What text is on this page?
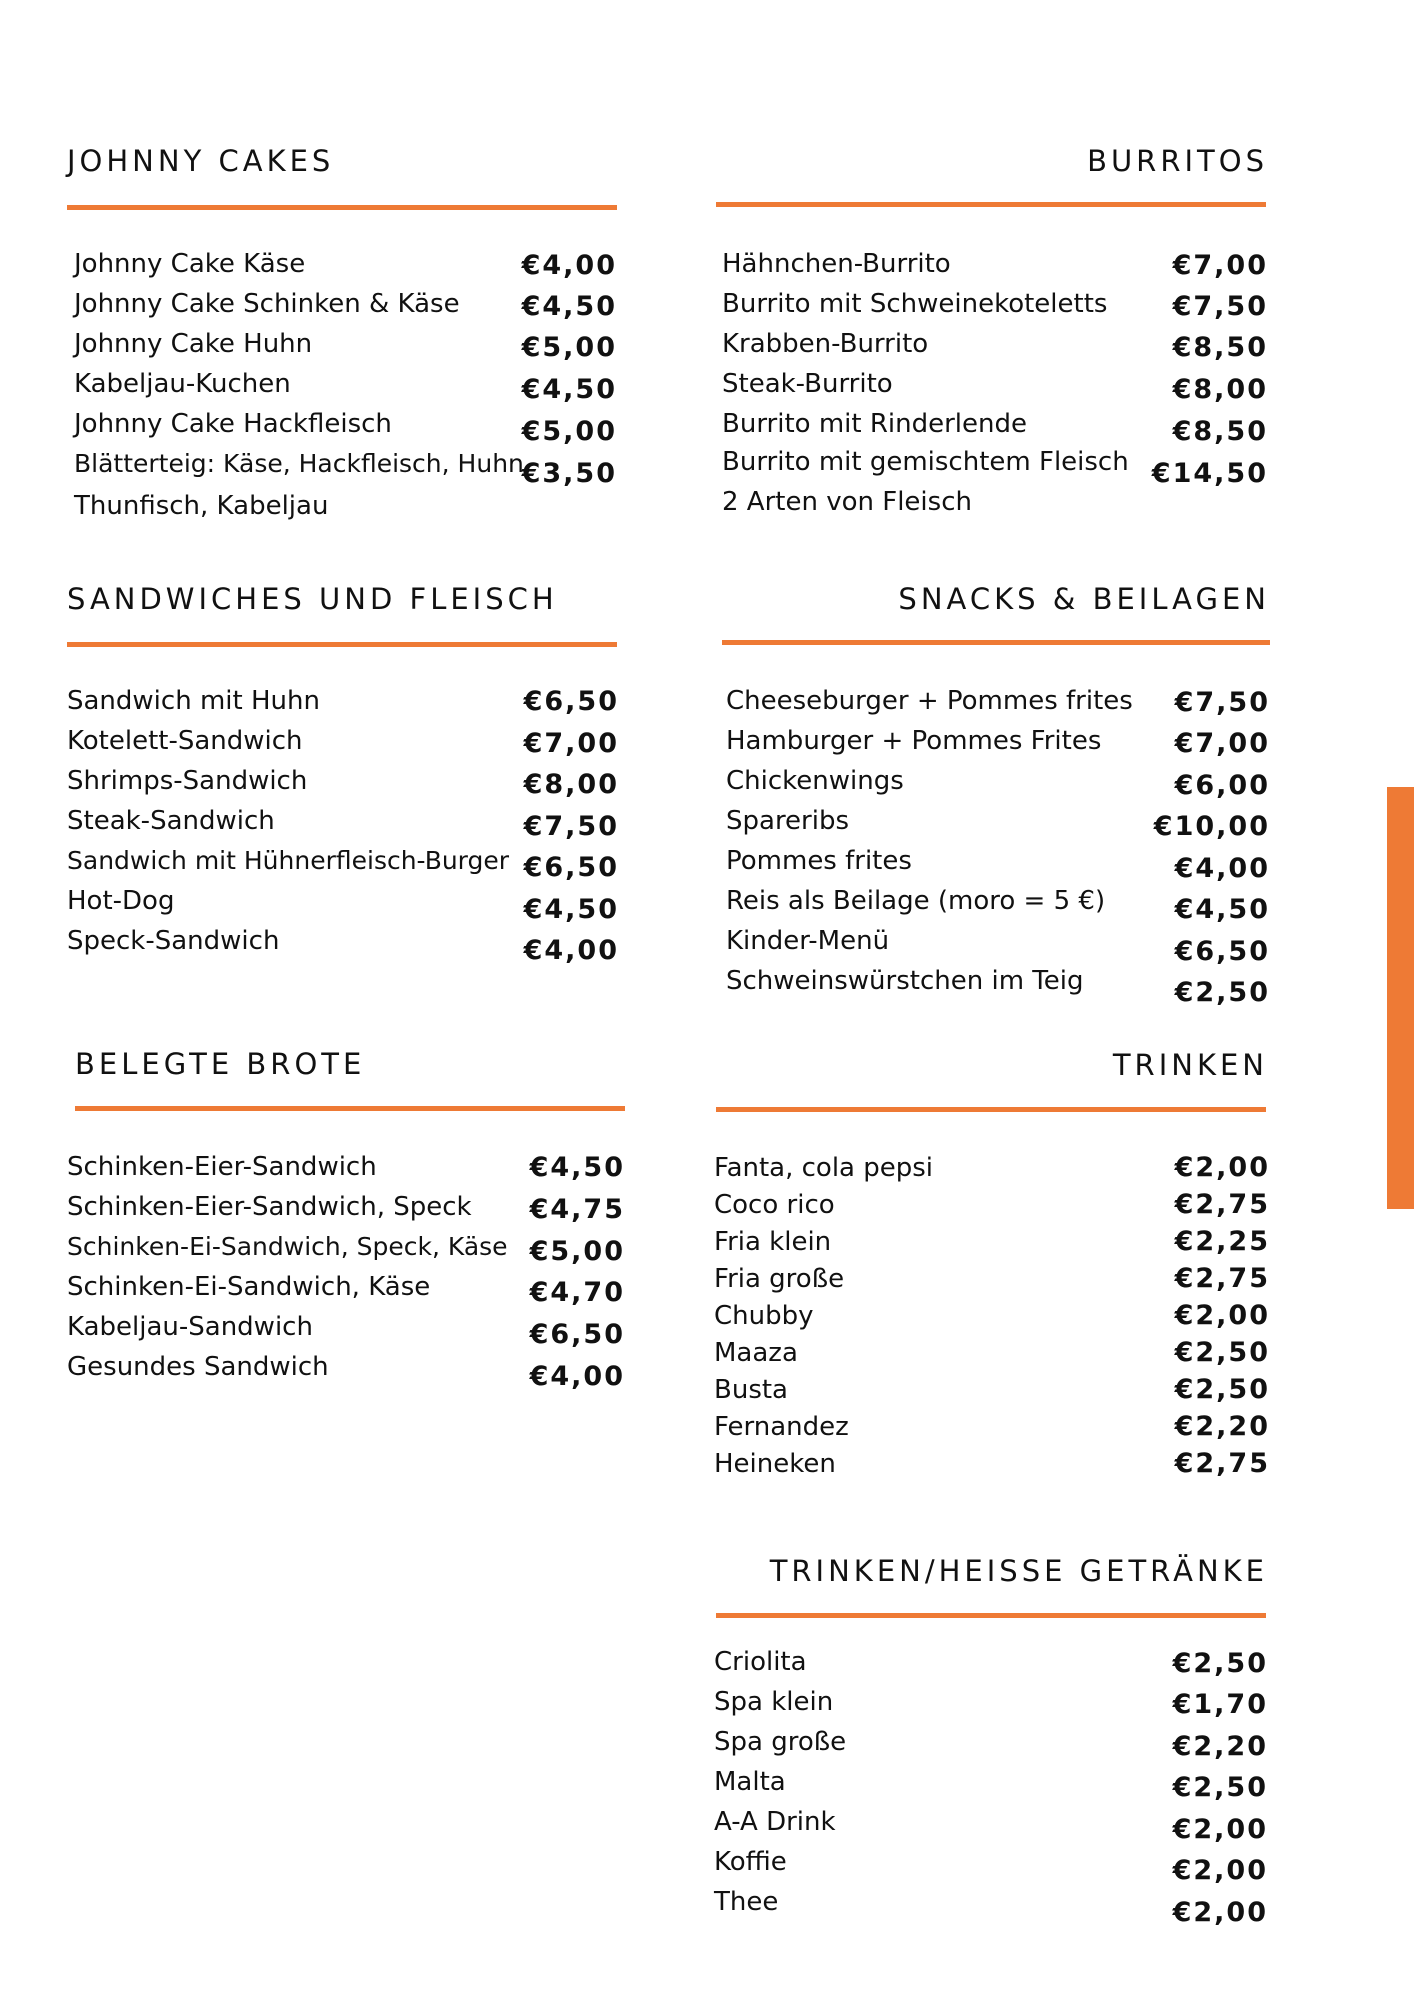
JOHNNY CAKES
Johnny Cake Käse	€4,00
Johnny Cake Schinken & Käse €4,50
Johnny Cake Huhn	€5,00
Kabeljau-Kuchen	€4,50
Johnny Cake Hackfleisch	€5,00
Blätterteig: Käse, Hackfleisch, Huhn,
Thunfisch, Kabeljau
€3,50
BURRITOS
Hähnchen-Burrito	€7,00
Burrito mit Schweinekoteletts €7,50
Krabben-Burrito	€8,50
Steak-Burrito	€8,00
Burrito mit Rinderlende	€8,50
Burrito mit gemischtem Fleisch
2 Arten von Fleisch
€14,50
SANDWICHES UND FLEISCH
Sandwich mit Huhn	€6,50
Kotelett-Sandwich	€7,00
Shrimps-Sandwich	€8,00
Steak-Sandwich	€7,50
Sandwich mit Hühnerfleisch-Burger €6,50
Hot-Dog	€4,50
Speck-Sandwich	€4,00
SNACKS & BEILAGEN
Cheeseburger + Pommes frites €7,50
Hamburger + Pommes Frites	€7,00
Chickenwings	€6,00
Spareribs	€10,00
Pommes frites	€4,00
Reis als Beilage (moro = 5 €)	€4,50
Kinder-Menü	€6,50
Schweinswürstchen im Teig	€2,50
BELEGTE BROTE
Schinken-Eier-Sandwich	€4,50
Schinken-Eier-Sandwich, Speck €4,75
Schinken-Ei-Sandwich, Speck, Käse €5,00
Schinken-Ei-Sandwich, Käse	€4,70
Kabeljau-Sandwich	€6,50
Gesundes Sandwich	€4,00
TRINKEN
Fanta, cola pepsi	€2,00
Coco rico	€2,75
Fria klein	€2,25
Fria große	€2,75
Chubby	€2,00
Maaza	€2,50
Busta	€2,50
Fernandez	€2,20
Heineken	€2,75
TRINKEN/HEISSE GETRÄNKE
Criolita	€2,50
Spa klein	€1,70
Spa große	€2,20
Malta	€2,50
A-A Drink	€2,00
Koffie	€2,00
Thee	€2,00
